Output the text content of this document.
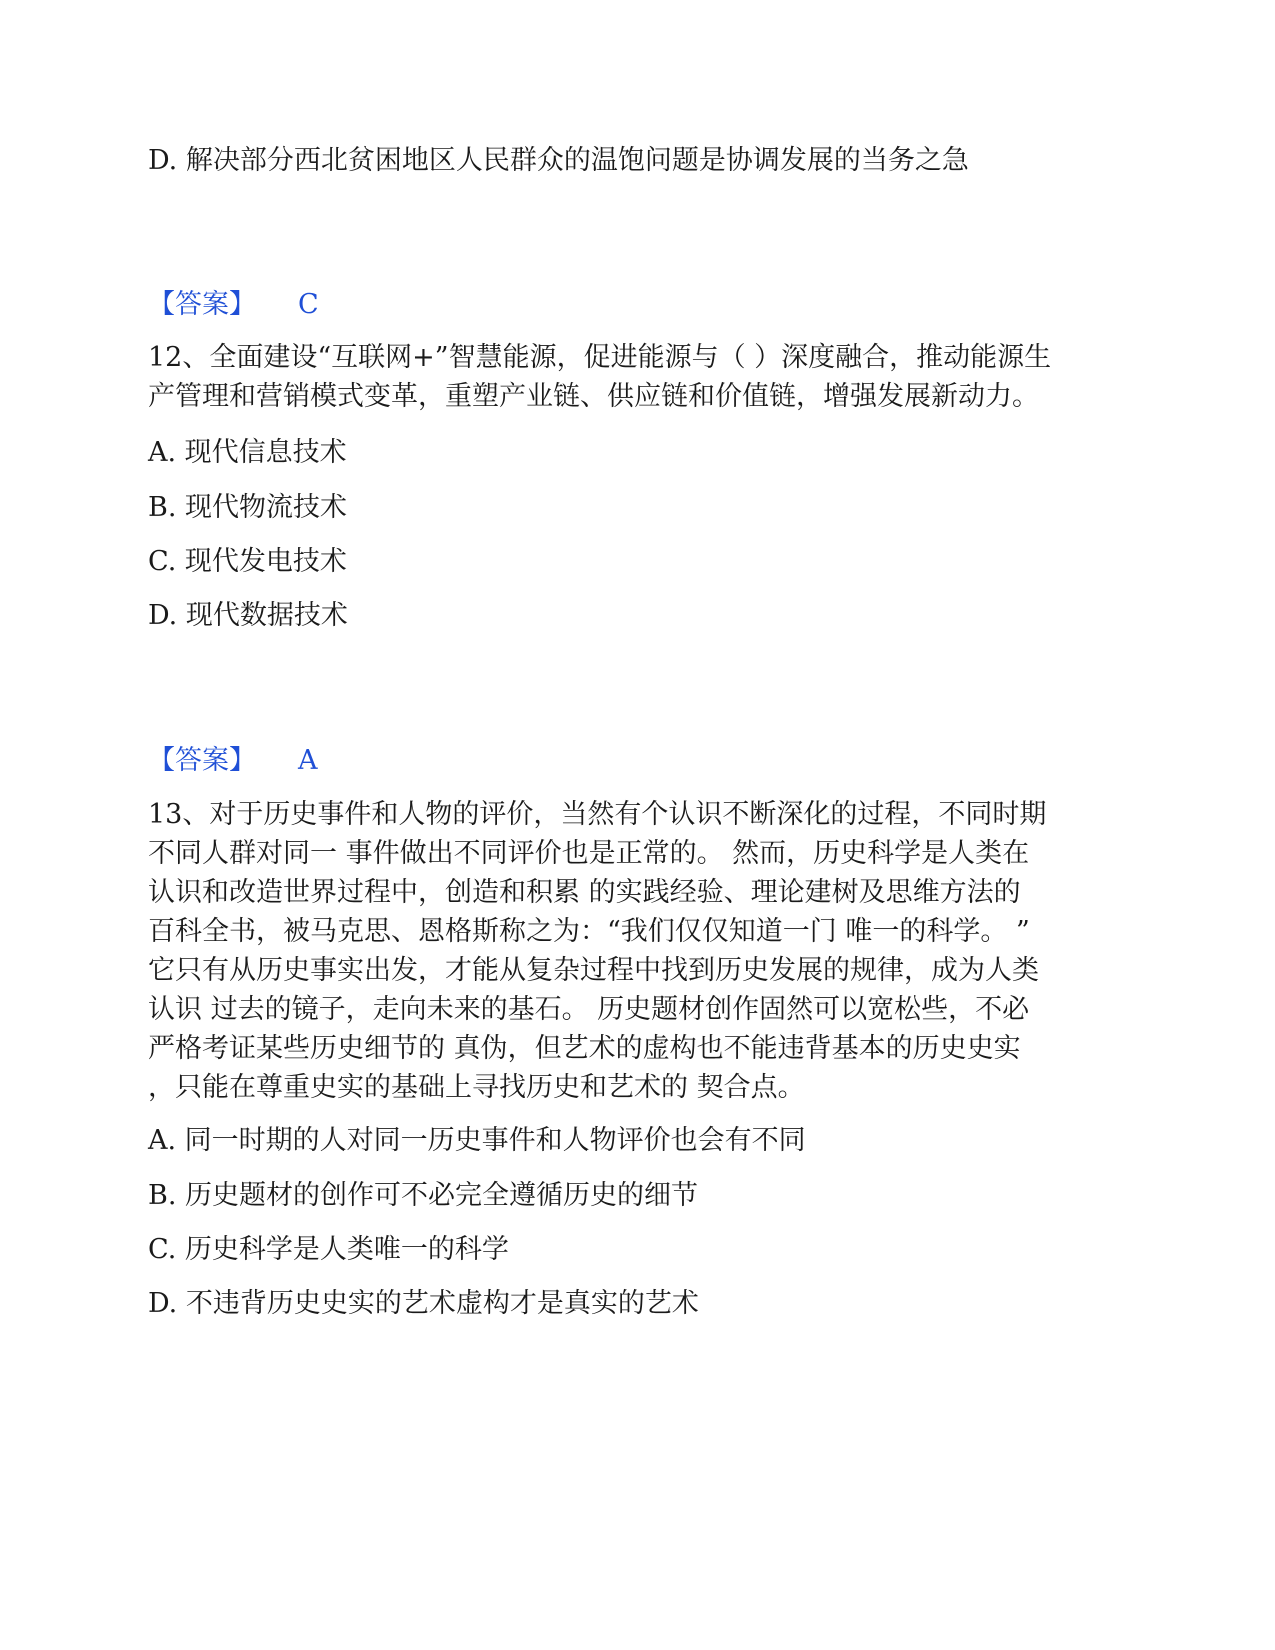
D. 解决部分西北贫困地区人民群众的温饱问题是协调发展的当务之急
【答案】 C
12、全面建设“互联网+”智慧能源，促进能源与（ ）深度融合，推动能源生
产管理和营销模式变革，重塑产业链、供应链和价值链，增强发展新动力。
A. 现代信息技术
B. 现代物流技术
C. 现代发电技术
D. 现代数据技术
【答案】 A
13、对于历史事件和人物的评价，当然有个认识不断深化的过程，不同时期
不同人群对同一 事件做出不同评价也是正常的。 然而，历史科学是人类在
认识和改造世界过程中，创造和积累 的实践经验、理论建树及思维方法的
百科全书，被马克思、恩格斯称之为：“我们仅仅知道一门 唯一的科学。 ”
它只有从历史事实出发，才能从复杂过程中找到历史发展的规律，成为人类
认识 过去的镜子，走向未来的基石。 历史题材创作固然可以宽松些，不必
严格考证某些历史细节的 真伪，但艺术的虚构也不能违背基本的历史史实
，只能在尊重史实的基础上寻找历史和艺术的 契合点。
A. 同一时期的人对同一历史事件和人物评价也会有不同
B. 历史题材的创作可不必完全遵循历史的细节
C. 历史科学是人类唯一的科学
D. 不违背历史史实的艺术虚构才是真实的艺术
